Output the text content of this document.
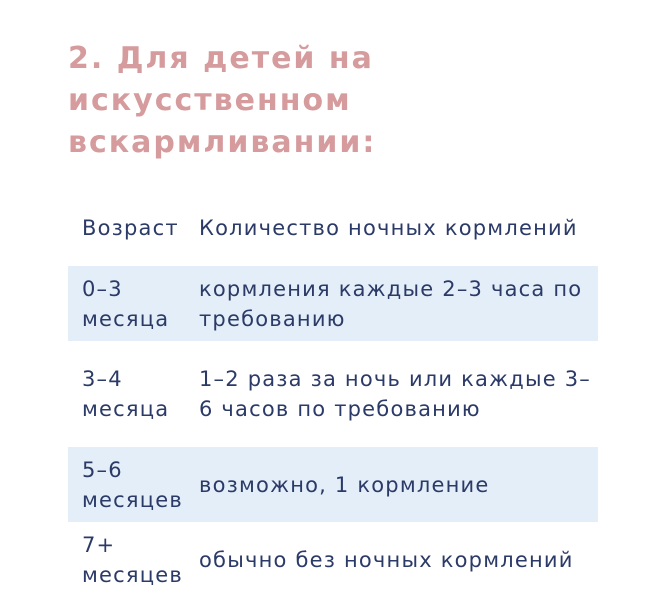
2. Для детей на искусственном вскармливании:
Возраст Количество ночных кормлений
0–3 месяца
кормления каждые 2–3 часа по требованию
3–4 месяца
1–2 раза за ночь или каждые 3–6 часов по требованию
5–6 месяцев
возможно, 1 кормление
7+ месяцев
обычно без ночных кормлений
